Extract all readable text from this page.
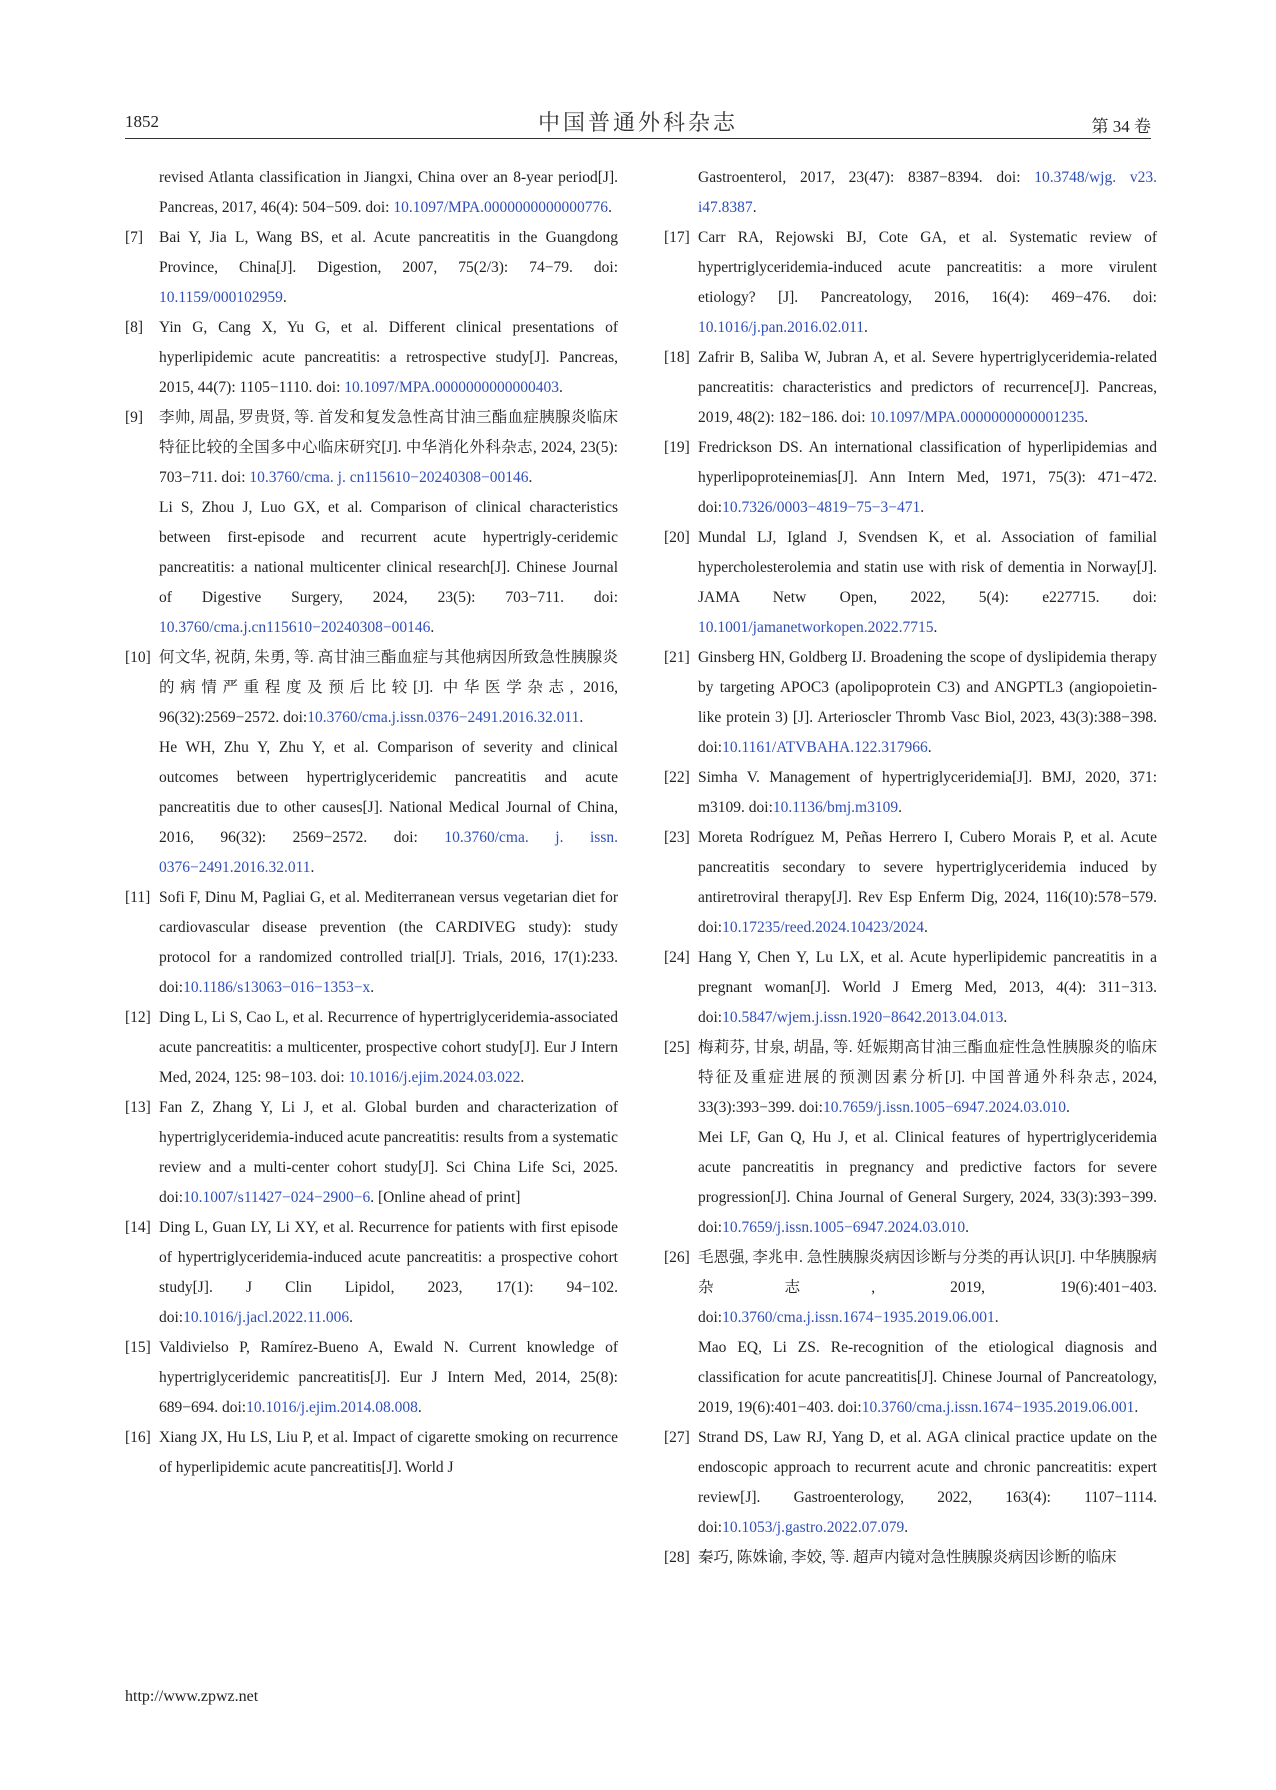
1852	中国普通外科杂志	第 34 卷

revised Atlanta classification in Jiangxi, China over an 8-year period[J]. Pancreas, 2017, 46(4): 504−509. doi: 10.1097/MPA.0000000000000776.

[7] Bai Y, Jia L, Wang BS, et al. Acute pancreatitis in the Guangdong Province, China[J]. Digestion, 2007, 75(2/3): 74−79. doi: 10.1159/000102959.

[8] Yin G, Cang X, Yu G, et al. Different clinical presentations of hyperlipidemic acute pancreatitis: a retrospective study[J]. Pancreas, 2015, 44(7): 1105−1110. doi: 10.1097/MPA.0000000000000403.

[9] 李帅, 周晶, 罗贵贤, 等. 首发和复发急性高甘油三酯血症胰腺炎临床特征比较的全国多中心临床研究[J]. 中华消化外科杂志, 2024, 23(5): 703−711. doi: 10.3760/cma. j. cn115610−20240308−00146.

Li S, Zhou J, Luo GX, et al. Comparison of clinical characteristics between first-episode and recurrent acute hypertrigly-ceridemic pancreatitis: a national multicenter clinical research[J]. Chinese Journal of Digestive Surgery, 2024, 23(5): 703−711. doi: 10.3760/cma.j.cn115610−20240308−00146.

[10] 何文华, 祝荫, 朱勇, 等. 高甘油三酯血症与其他病因所致急性胰腺炎的病情严重程度及预后比较[J]. 中华医学杂志, 2016, 96(32):2569−2572. doi:10.3760/cma.j.issn.0376−2491.2016.32.011.

He WH, Zhu Y, Zhu Y, et al. Comparison of severity and clinical outcomes between hypertriglyceridemic pancreatitis and acute pancreatitis due to other causes[J]. National Medical Journal of China, 2016, 96(32): 2569−2572. doi: 10.3760/cma. j. issn. 0376−2491.2016.32.011.

[11] Sofi F, Dinu M, Pagliai G, et al. Mediterranean versus vegetarian diet for cardiovascular disease prevention (the CARDIVEG study): study protocol for a randomized controlled trial[J]. Trials, 2016, 17(1):233. doi:10.1186/s13063−016−1353−x.

[12] Ding L, Li S, Cao L, et al. Recurrence of hypertriglyceridemia-associated acute pancreatitis: a multicenter, prospective cohort study[J]. Eur J Intern Med, 2024, 125: 98−103. doi: 10.1016/j.ejim.2024.03.022.

[13] Fan Z, Zhang Y, Li J, et al. Global burden and characterization of hypertriglyceridemia-induced acute pancreatitis: results from a systematic review and a multi-center cohort study[J]. Sci China Life Sci, 2025. doi:10.1007/s11427−024−2900−6. [Online ahead of print]

[14] Ding L, Guan LY, Li XY, et al. Recurrence for patients with first episode of hypertriglyceridemia-induced acute pancreatitis: a prospective cohort study[J]. J Clin Lipidol, 2023, 17(1): 94−102. doi:10.1016/j.jacl.2022.11.006.

[15] Valdivielso P, Ramírez-Bueno A, Ewald N. Current knowledge of hypertriglyceridemic pancreatitis[J]. Eur J Intern Med, 2014, 25(8): 689−694. doi:10.1016/j.ejim.2014.08.008.

[16] Xiang JX, Hu LS, Liu P, et al. Impact of cigarette smoking on recurrence of hyperlipidemic acute pancreatitis[J]. World J

Gastroenterol, 2017, 23(47): 8387−8394. doi: 10.3748/wjg. v23. i47.8387.

[17] Carr RA, Rejowski BJ, Cote GA, et al. Systematic review of hypertriglyceridemia-induced acute pancreatitis: a more virulent etiology? [J]. Pancreatology, 2016, 16(4): 469−476. doi: 10.1016/j.pan.2016.02.011.

[18] Zafrir B, Saliba W, Jubran A, et al. Severe hypertriglyceridemia-related pancreatitis: characteristics and predictors of recurrence[J]. Pancreas, 2019, 48(2): 182−186. doi: 10.1097/MPA.0000000000001235.

[19] Fredrickson DS. An international classification of hyperlipidemias and hyperlipoproteinemias[J]. Ann Intern Med, 1971, 75(3): 471−472. doi:10.7326/0003−4819−75−3−471.

[20] Mundal LJ, Igland J, Svendsen K, et al. Association of familial hypercholesterolemia and statin use with risk of dementia in Norway[J]. JAMA Netw Open, 2022, 5(4): e227715. doi: 10.1001/jamanetworkopen.2022.7715.

[21] Ginsberg HN, Goldberg IJ. Broadening the scope of dyslipidemia therapy by targeting APOC3 (apolipoprotein C3) and ANGPTL3 (angiopoietin-like protein 3) [J]. Arterioscler Thromb Vasc Biol, 2023, 43(3):388−398. doi:10.1161/ATVBAHA.122.317966.

[22] Simha V. Management of hypertriglyceridemia[J]. BMJ, 2020, 371: m3109. doi:10.1136/bmj.m3109.

[23] Moreta Rodríguez M, Peñas Herrero I, Cubero Morais P, et al. Acute pancreatitis secondary to severe hypertriglyceridemia induced by antiretroviral therapy[J]. Rev Esp Enferm Dig, 2024, 116(10):578−579. doi:10.17235/reed.2024.10423/2024.

[24] Hang Y, Chen Y, Lu LX, et al. Acute hyperlipidemic pancreatitis in a pregnant woman[J]. World J Emerg Med, 2013, 4(4): 311−313. doi:10.5847/wjem.j.issn.1920−8642.2013.04.013.

[25] 梅莉芬, 甘泉, 胡晶, 等. 妊娠期高甘油三酯血症性急性胰腺炎的临床特征及重症进展的预测因素分析[J]. 中国普通外科杂志, 2024, 33(3):393−399. doi:10.7659/j.issn.1005−6947.2024.03.010.

Mei LF, Gan Q, Hu J, et al. Clinical features of hypertriglyceridemia acute pancreatitis in pregnancy and predictive factors for severe progression[J]. China Journal of General Surgery, 2024, 33(3):393−399. doi:10.7659/j.issn.1005−6947.2024.03.010.

[26] 毛恩强, 李兆申. 急性胰腺炎病因诊断与分类的再认识[J]. 中华胰腺病杂志, 2019, 19(6):401−403. doi:10.3760/cma.j.issn.1674−1935.2019.06.001.

Mao EQ, Li ZS. Re-recognition of the etiological diagnosis and classification for acute pancreatitis[J]. Chinese Journal of Pancreatology, 2019, 19(6):401−403. doi:10.3760/cma.j.issn.1674−1935.2019.06.001.

[27] Strand DS, Law RJ, Yang D, et al. AGA clinical practice update on the endoscopic approach to recurrent acute and chronic pancreatitis: expert review[J]. Gastroenterology, 2022, 163(4): 1107−1114. doi:10.1053/j.gastro.2022.07.079.

[28] 秦巧, 陈姝谕, 李姣, 等. 超声内镜对急性胰腺炎病因诊断的临床

http://www.zpwz.net
